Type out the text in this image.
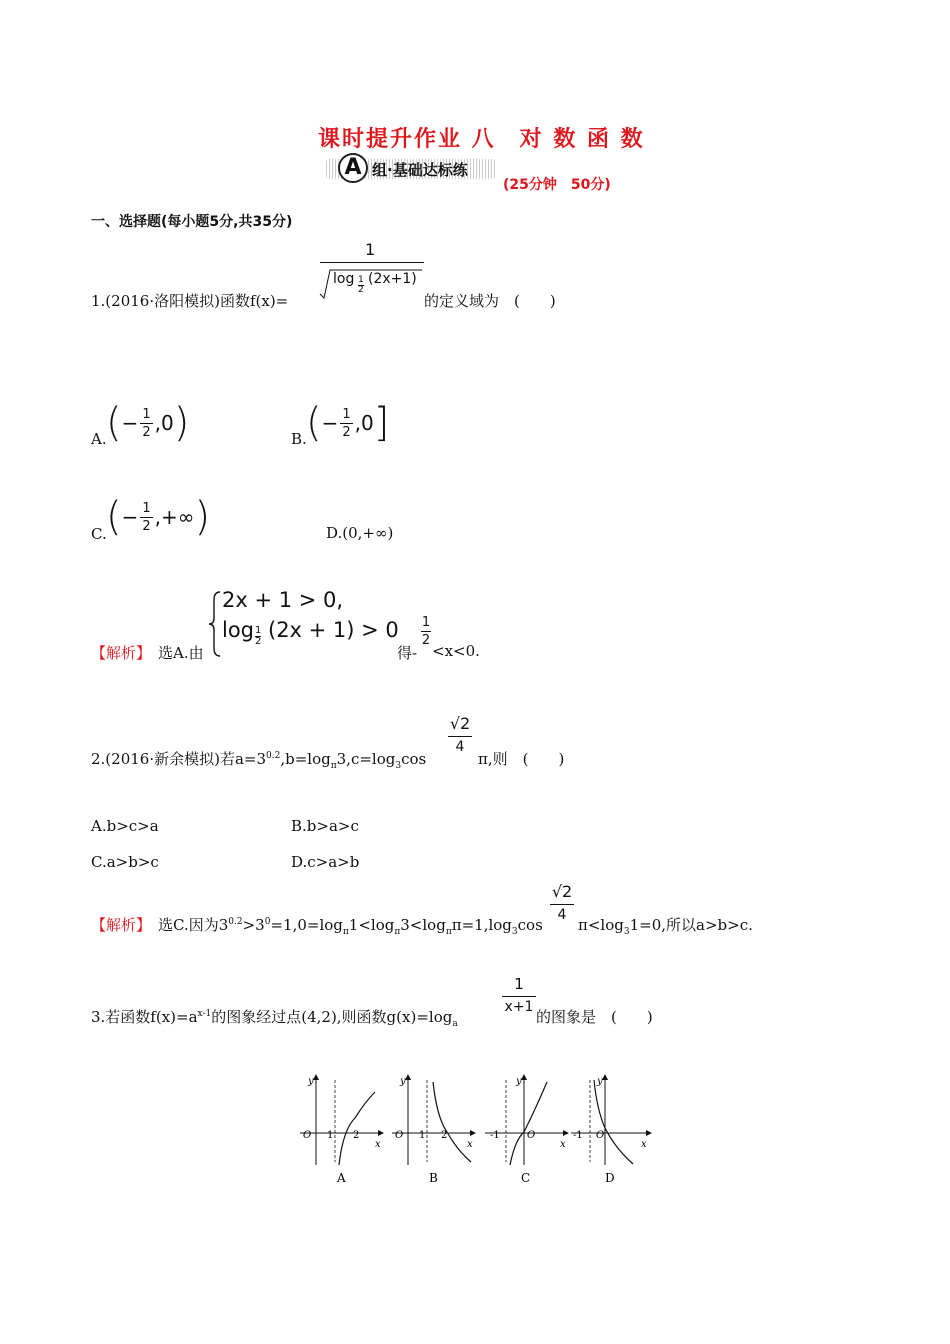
课时提升作业 八　对 数 函 数
A 组·基础达标练
(25分钟　50分)
一、选择题(每小题5分,共35分)
1.(2016·洛阳模拟)函数f(x)=
1
$\log \frac{1}{2} (2x+1)$
的定义域为　(　　)
A. ( − $\frac{1}{2} ,0$ )	B. ( − $\frac{1}{2} ,0$ ]
C. ( − $\frac{1}{2}$ ,+∞ )	D.(0,+∞)
【解析】 选A.由
2x + 1 > 0,
$\log \frac{1}{2} (2x + 1) > 0$
得-
$\frac{1}{2}$
<x<0.
2.(2016·新余模拟)若$a=3^{0.2},b=\log_\pi 3,c=\log_3\cos$
$\frac{√2}{4}$
π,则　(　　)
A.b>c>a	B.b>a>c
C.a>b>c	D.c>a>b
【解析】 选C.因为$3^{0.2}>3^0=1,0=\log_\pi 1<\log_\pi 3<\log_\pi\pi=1,\log_3\cos$
$\frac{√2}{4}$
$\pi<\log_31=0$,所以a>b>c.
3.若函数$f(x)=a^{x-1}$的图象经过点(4,2),则函数$g(x)=\log_a$
$\frac{1}{x+1}$
的图象是　(　　)
y
x
O 1 2
A
y
x
O 1 2
B
y
x
O
-1
C
y
x
O
-1
D
